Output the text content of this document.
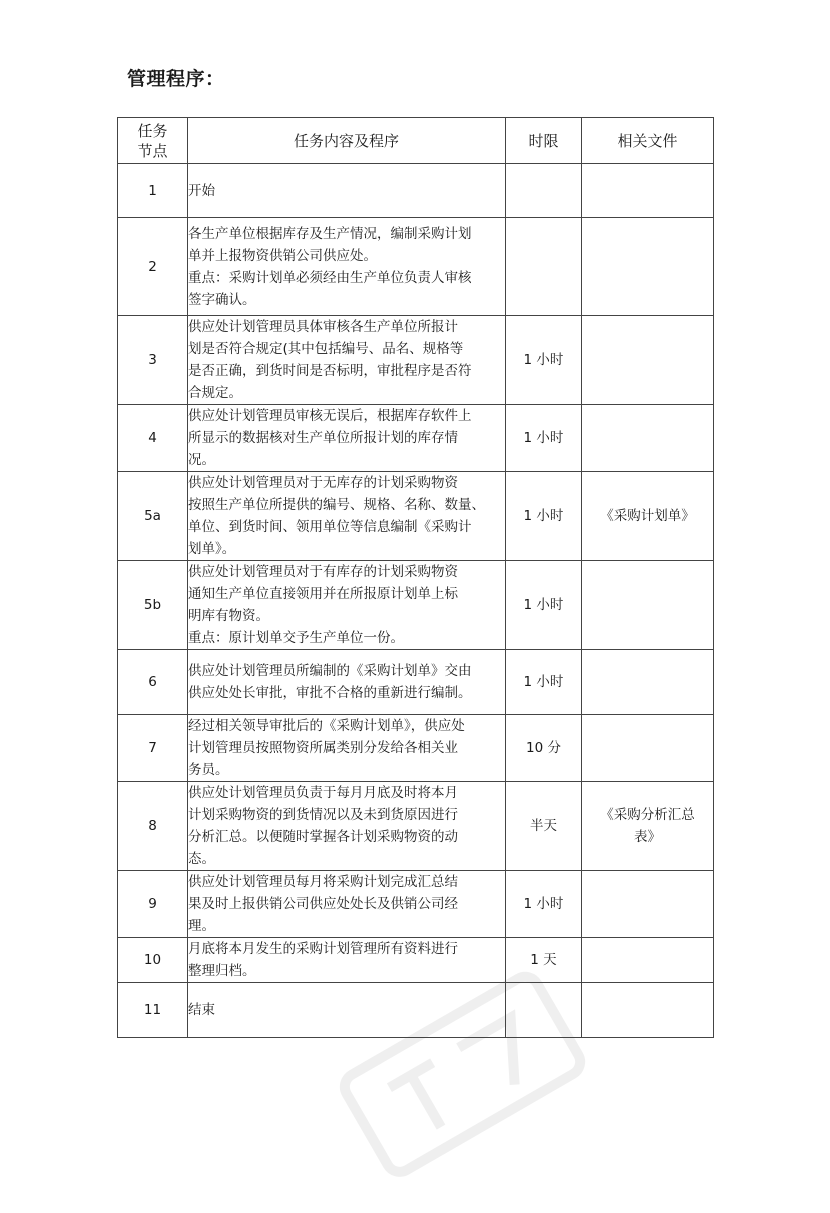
管理程序：
任务
节点	任务内容及程序	时限	相关文件
1	开始		

2	各生产单位根据库存及生产情况，编制采购计划
单并上报物资供销公司供应处。
重点：采购计划单必须经由生产单位负责人审核
签字确认。		

3	供应处计划管理员具体审核各生产单位所报计
划是否符合规定(其中包括编号、品名、规格等
是否正确，到货时间是否标明，审批程序是否符
合规定。	1 小时	
4	供应处计划管理员审核无误后，根据库存软件上
所显示的数据核对生产单位所报计划的库存情
况。	1 小时	
5a	供应处计划管理员对于无库存的计划采购物资
按照生产单位所提供的编号、规格、名称、数量、
单位、到货时间、领用单位等信息编制《采购计
划单》。	1 小时	《采购计划单》

5b	供应处计划管理员对于有库存的计划采购物资
通知生产单位直接领用并在所报原计划单上标
明库有物资。
重点：原计划单交予生产单位一份。	1 小时	
6	供应处计划管理员所编制的《采购计划单》交由
供应处处长审批，审批不合格的重新进行编制。	1 小时	
7	经过相关领导审批后的《采购计划单》，供应处
计划管理员按照物资所属类别分发给各相关业
务员。	10 分	
8	供应处计划管理员负责于每月月底及时将本月
计划采购物资的到货情况以及未到货原因进行
分析汇总。以便随时掌握各计划采购物资的动
态。	半天	《采购分析汇总
表》

9	供应处计划管理员每月将采购计划完成汇总结
果及时上报供销公司供应处处长及供销公司经
理。	1 小时	
10	月底将本月发生的采购计划管理所有资料进行
整理归档。	1 天	
11	结束		
